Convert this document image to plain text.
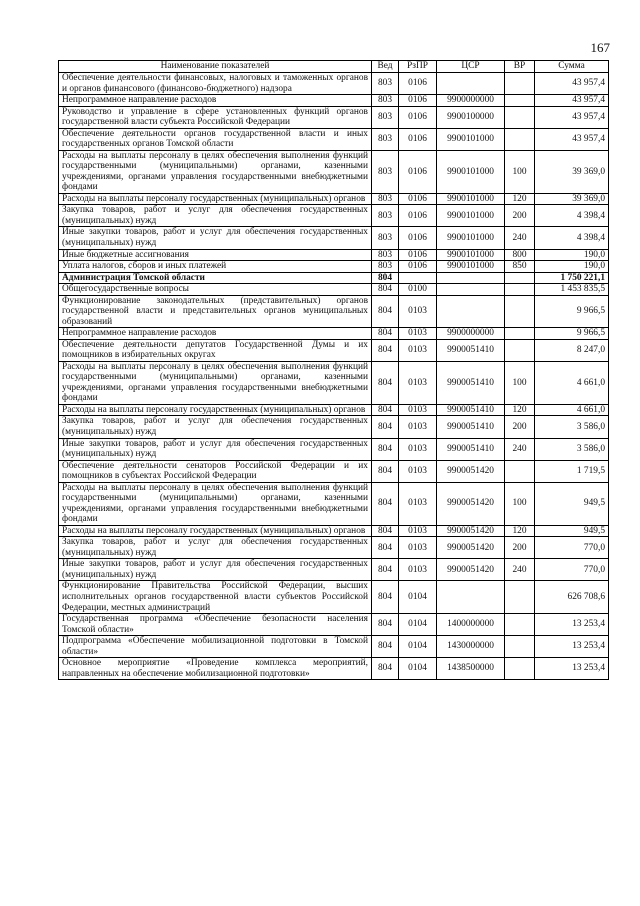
167
Наименование показателей	Вед	РзПР	ЦСР	ВР	Сумма
Обеспечение деятельности финансовых, налоговых и таможенных органов и органов финансового (финансово-бюджетного) надзора	803	0106			43 957,4
Непрограммное направление расходов	803	0106	9900000000		43 957,4
Руководство и управление в сфере установленных функций органов государственной власти субъекта Российской Федерации	803	0106	9900100000		43 957,4
Обеспечение деятельности органов государственной власти и иных государственных органов Томской области	803	0106	9900101000		43 957,4
Расходы на выплаты персоналу в целях обеспечения выполнения функций государственными (муниципальными) органами, казенными учреждениями, органами управления государственными внебюджетными фондами	803	0106	9900101000	100	39 369,0
Расходы на выплаты персоналу государственных (муниципальных) органов	803	0106	9900101000	120	39 369,0
Закупка товаров, работ и услуг для обеспечения государственных (муниципальных) нужд	803	0106	9900101000	200	4 398,4
Иные закупки товаров, работ и услуг для обеспечения государственных (муниципальных) нужд	803	0106	9900101000	240	4 398,4
Иные бюджетные ассигнования	803	0106	9900101000	800	190,0
Уплата налогов, сборов и иных платежей	803	0106	9900101000	850	190,0
Администрация Томской области	804				1 750 221,1
Общегосударственные вопросы	804	0100			1 453 835,5
Функционирование законодательных (представительных) органов государственной власти и представительных органов муниципальных образований	804	0103			9 966,5
Непрограммное направление расходов	804	0103	9900000000		9 966,5
Обеспечение деятельности депутатов Государственной Думы и их помощников в избирательных округах	804	0103	9900051410		8 247,0
Расходы на выплаты персоналу в целях обеспечения выполнения функций государственными (муниципальными) органами, казенными учреждениями, органами управления государственными внебюджетными фондами	804	0103	9900051410	100	4 661,0
Расходы на выплаты персоналу государственных (муниципальных) органов	804	0103	9900051410	120	4 661,0
Закупка товаров, работ и услуг для обеспечения государственных (муниципальных) нужд	804	0103	9900051410	200	3 586,0
Иные закупки товаров, работ и услуг для обеспечения государственных (муниципальных) нужд	804	0103	9900051410	240	3 586,0
Обеспечение деятельности сенаторов Российской Федерации и их помощников в субъектах Российской Федерации	804	0103	9900051420		1 719,5
Расходы на выплаты персоналу в целях обеспечения выполнения функций государственными (муниципальными) органами, казенными учреждениями, органами управления государственными внебюджетными фондами	804	0103	9900051420	100	949,5
Расходы на выплаты персоналу государственных (муниципальных) органов	804	0103	9900051420	120	949,5
Закупка товаров, работ и услуг для обеспечения государственных (муниципальных) нужд	804	0103	9900051420	200	770,0
Иные закупки товаров, работ и услуг для обеспечения государственных (муниципальных) нужд	804	0103	9900051420	240	770,0
Функционирование Правительства Российской Федерации, высших исполнительных органов государственной власти субъектов Российской Федерации, местных администраций	804	0104			626 708,6
Государственная программа «Обеспечение безопасности населения Томской области»	804	0104	1400000000		13 253,4
Подпрограмма «Обеспечение мобилизационной подготовки в Томской области»	804	0104	1430000000		13 253,4
Основное мероприятие «Проведение комплекса мероприятий, направленных на обеспечение мобилизационной подготовки»	804	0104	1438500000		13 253,4
